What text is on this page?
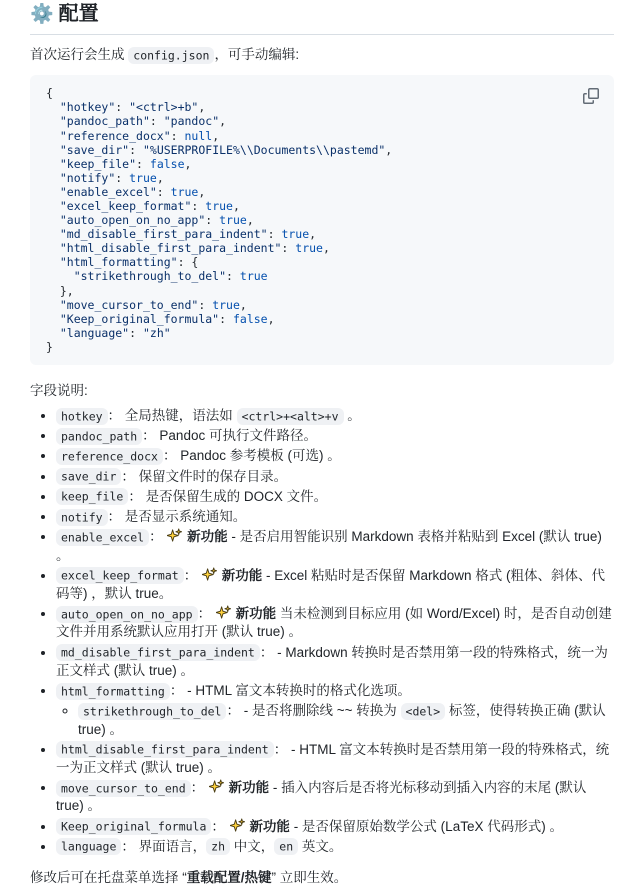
⚙️ 配置

首次运行会生成 config.json ，可手动编辑:

{
"hotkey": "<ctrl>+b",
"pandoc_path": "pandoc",
"reference_docx": null,
"save_dir": "%USERPROFILE%\\Documents\\pastemd",
"keep_file": false,
"notify": true,
"enable_excel": true,
"excel_keep_format": true,
"auto_open_on_no_app": true,
"md_disable_first_para_indent": true,
"html_disable_first_para_indent": true,
"html_formatting": {
"strikethrough_to_del": true
},
"move_cursor_to_end": true,
"Keep_original_formula": false,
"language": "zh"
}

字段说明:

• hotkey ： 全局热键，语法如 <ctrl>+<alt>+v 。
• pandoc_path ： Pandoc 可执行文件路径。
• reference_docx ： Pandoc 参考模板 (可选) 。
• save_dir ： 保留文件时的保存目录。
• keep_file ： 是否保留生成的 DOCX 文件。
• notify ： 是否显示系统通知。
• enable_excel ：  新功能 - 是否启用智能识别 Markdown 表格并粘贴到 Excel (默认 true) 。
• excel_keep_format ：  新功能 - Excel 粘贴时是否保留 Markdown 格式 (粗体、斜体、代码等) ，默认 true。
• auto_open_on_no_app ：  新功能 当未检测到目标应用 (如 Word/Excel) 时，是否自动创建文件并用系统默认应用打开 (默认 true) 。
• md_disable_first_para_indent ： - Markdown 转换时是否禁用第一段的特殊格式，统一为正文样式 (默认 true) 。
• html_formatting ： - HTML 富文本转换时的格式化选项。
◦ strikethrough_to_del ： - 是否将删除线 ~~ 转换为 <del> 标签，使得转换正确 (默认 true) 。
• html_disable_first_para_indent ： - HTML 富文本转换时是否禁用第一段的特殊格式，统一为正文样式 (默认 true) 。
• move_cursor_to_end ：  新功能 - 插入内容后是否将光标移动到插入内容的末尾 (默认 true) 。
• Keep_original_formula ：  新功能 - 是否保留原始数学公式 (LaTeX 代码形式) 。
• language ： 界面语言， zh 中文， en 英文。

修改后可在托盘菜单选择 “重载配置/热键” 立即生效。
